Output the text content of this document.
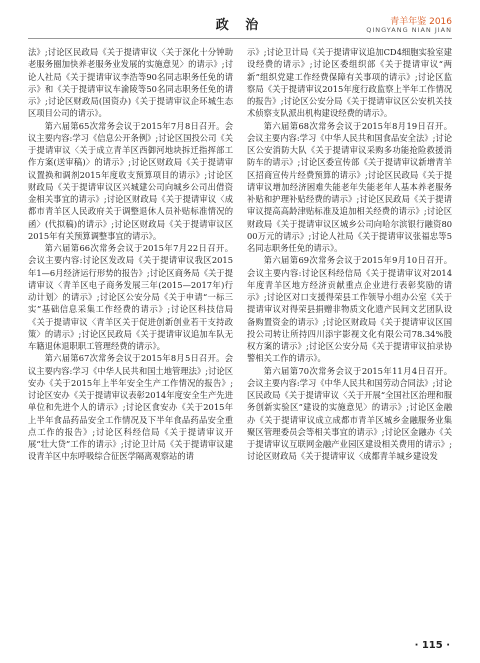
政 治	青羊年鉴 2016
QINGYANG NIAN JIAN

法》;讨论区民政局《关于提请审议〈关于深化十分钟助老服务圈加快养老服务业发展的实施意见〉的请示》;讨论人社局《关于提请审议李浩等90名同志职务任免的请示》和《关于提请审议车渝陵等50名同志职务任免的请示》;讨论区财政局(国资办)《关于提请审议企环城生态区项目公司的请示》。

第六届第65次常务会议于2015年7月8日召开。会议主要内容:学习《信息公开条例》;讨论区国投公司《关于提请审议〈关于成立青羊区西御河地块拆迁指挥部工作方案(送审稿)〉的请示》;讨论区财政局《关于提请审议置换和调剂2015年度收支预算项目的请示》;讨论区财政局《关于提请审议区兴城建公司向城乡公司出借资金相关事宜的请示》;讨论区财政局《关于提请审议〈成都市青羊区人民政府关于调整退休人员补贴标准情况的函〉(代拟稿)的请示》;讨论区财政局《关于提请审议区2015年有关预算调整事宜的请示》。

第六届第66次常务会议于2015年7月22日召开。会议主要内容:讨论区发改局《关于提请审议我区2015年1—6月经济运行形势的报告》;讨论区商务局《关于提请审议〈青羊区电子商务发展三年(2015—2017年)行动计划〉的请示》;讨论区公安分局《关于申请“一标三实”基础信息采集工作经费的请示》;讨论区科技信局《关于提请审议〈青羊区关于促进创新创业若干支持政策〉的请示》;讨论区民政局《关于提请审议追加车队无车籍退休退职职工管理经费的请示》。

第六届第67次常务会议于2015年8月5日召开。会议主要内容:学习《中华人民共和国土地管理法》;讨论区安办《关于2015年上半年安全生产工作情况的报告》;讨论区安办《关于提请审议表彰2014年度安全生产先进单位和先进个人的请示》;讨论区食安办《关于2015年上半年食品药品安全工作情况及下半年食品药品安全重点工作的报告》;讨论区科经信局《关于提请审议开展“壮大贷”工作的请示》;讨论卫计局《关于提请审议建设青羊区中东呼吸综合征医学隔离观察站的请

示》;讨论卫计局《关于提请审议追加CD4细胞实验室建设经费的请示》;讨论区委组织部《关于提请审议“两新”组织党建工作经费保障有关事项的请示》;讨论区监察局《关于提请审议2015年度行政监察上半年工作情况的报告》;讨论区公安分局《关于提请审议区公安机关技术侦察支队派出机构建设经费的请示》。

第六届第68次常务会议于2015年8月19日召开。会议主要内容:学习《中华人民共和国食品安全法》;讨论区公安消防大队《关于提请审议采购多功能抢险救援消防车的请示》;讨论区委宣传部《关于提请审议新增青羊区招商宣传片经费预算的请示》;讨论区民政局《关于提请审议增加经济困难失能老年失能老年人基本养老服务补贴和护理补贴经费的请示》;讨论区民政局《关于提请审议提高高龄津贴标准及追加相关经费的请示》;讨论区财政局《关于提请审议区城乡公司向哈尔滨银行融资8000万元的请示》;讨论人社局《关于提请审议张福忠等5名同志职务任免的请示》。

第六届第69次常务会议于2015年9月10日召开。会议主要内容:讨论区科经信局《关于提请审议对2014年度青羊区地方经济贡献重点企业进行表彰奖励的请示》;讨论区对口支援得荣县工作领导小组办公室《关于提请审议对得荣县捐赠非物质文化遗产民间文艺团队设备购置资金的请示》;讨论区财政局《关于提请审议区国投公司转让所持四川添宇影视文化有限公司78.34%股权方案的请示》;讨论区公安分局《关于提请审议拍录协警相关工作的请示》。

第六届第70次常务会议于2015年11月4日召开。会议主要内容:学习《中华人民共和国劳动合同法》;讨论区民政局《关于提请审议〈关于开展“全国社区治理和服务创新实验区”建设的实施意见〉的请示》;讨论区金融办《关于提请审议成立成都市青羊区城乡金融服务业集聚区管理委员会等相关事宜的请示》;讨论区金融办《关于提请审议互联网金融产业园区建设相关费用的请示》;讨论区财政局《关于提请审议〈成都青羊城乡建设发

· 115 ·
